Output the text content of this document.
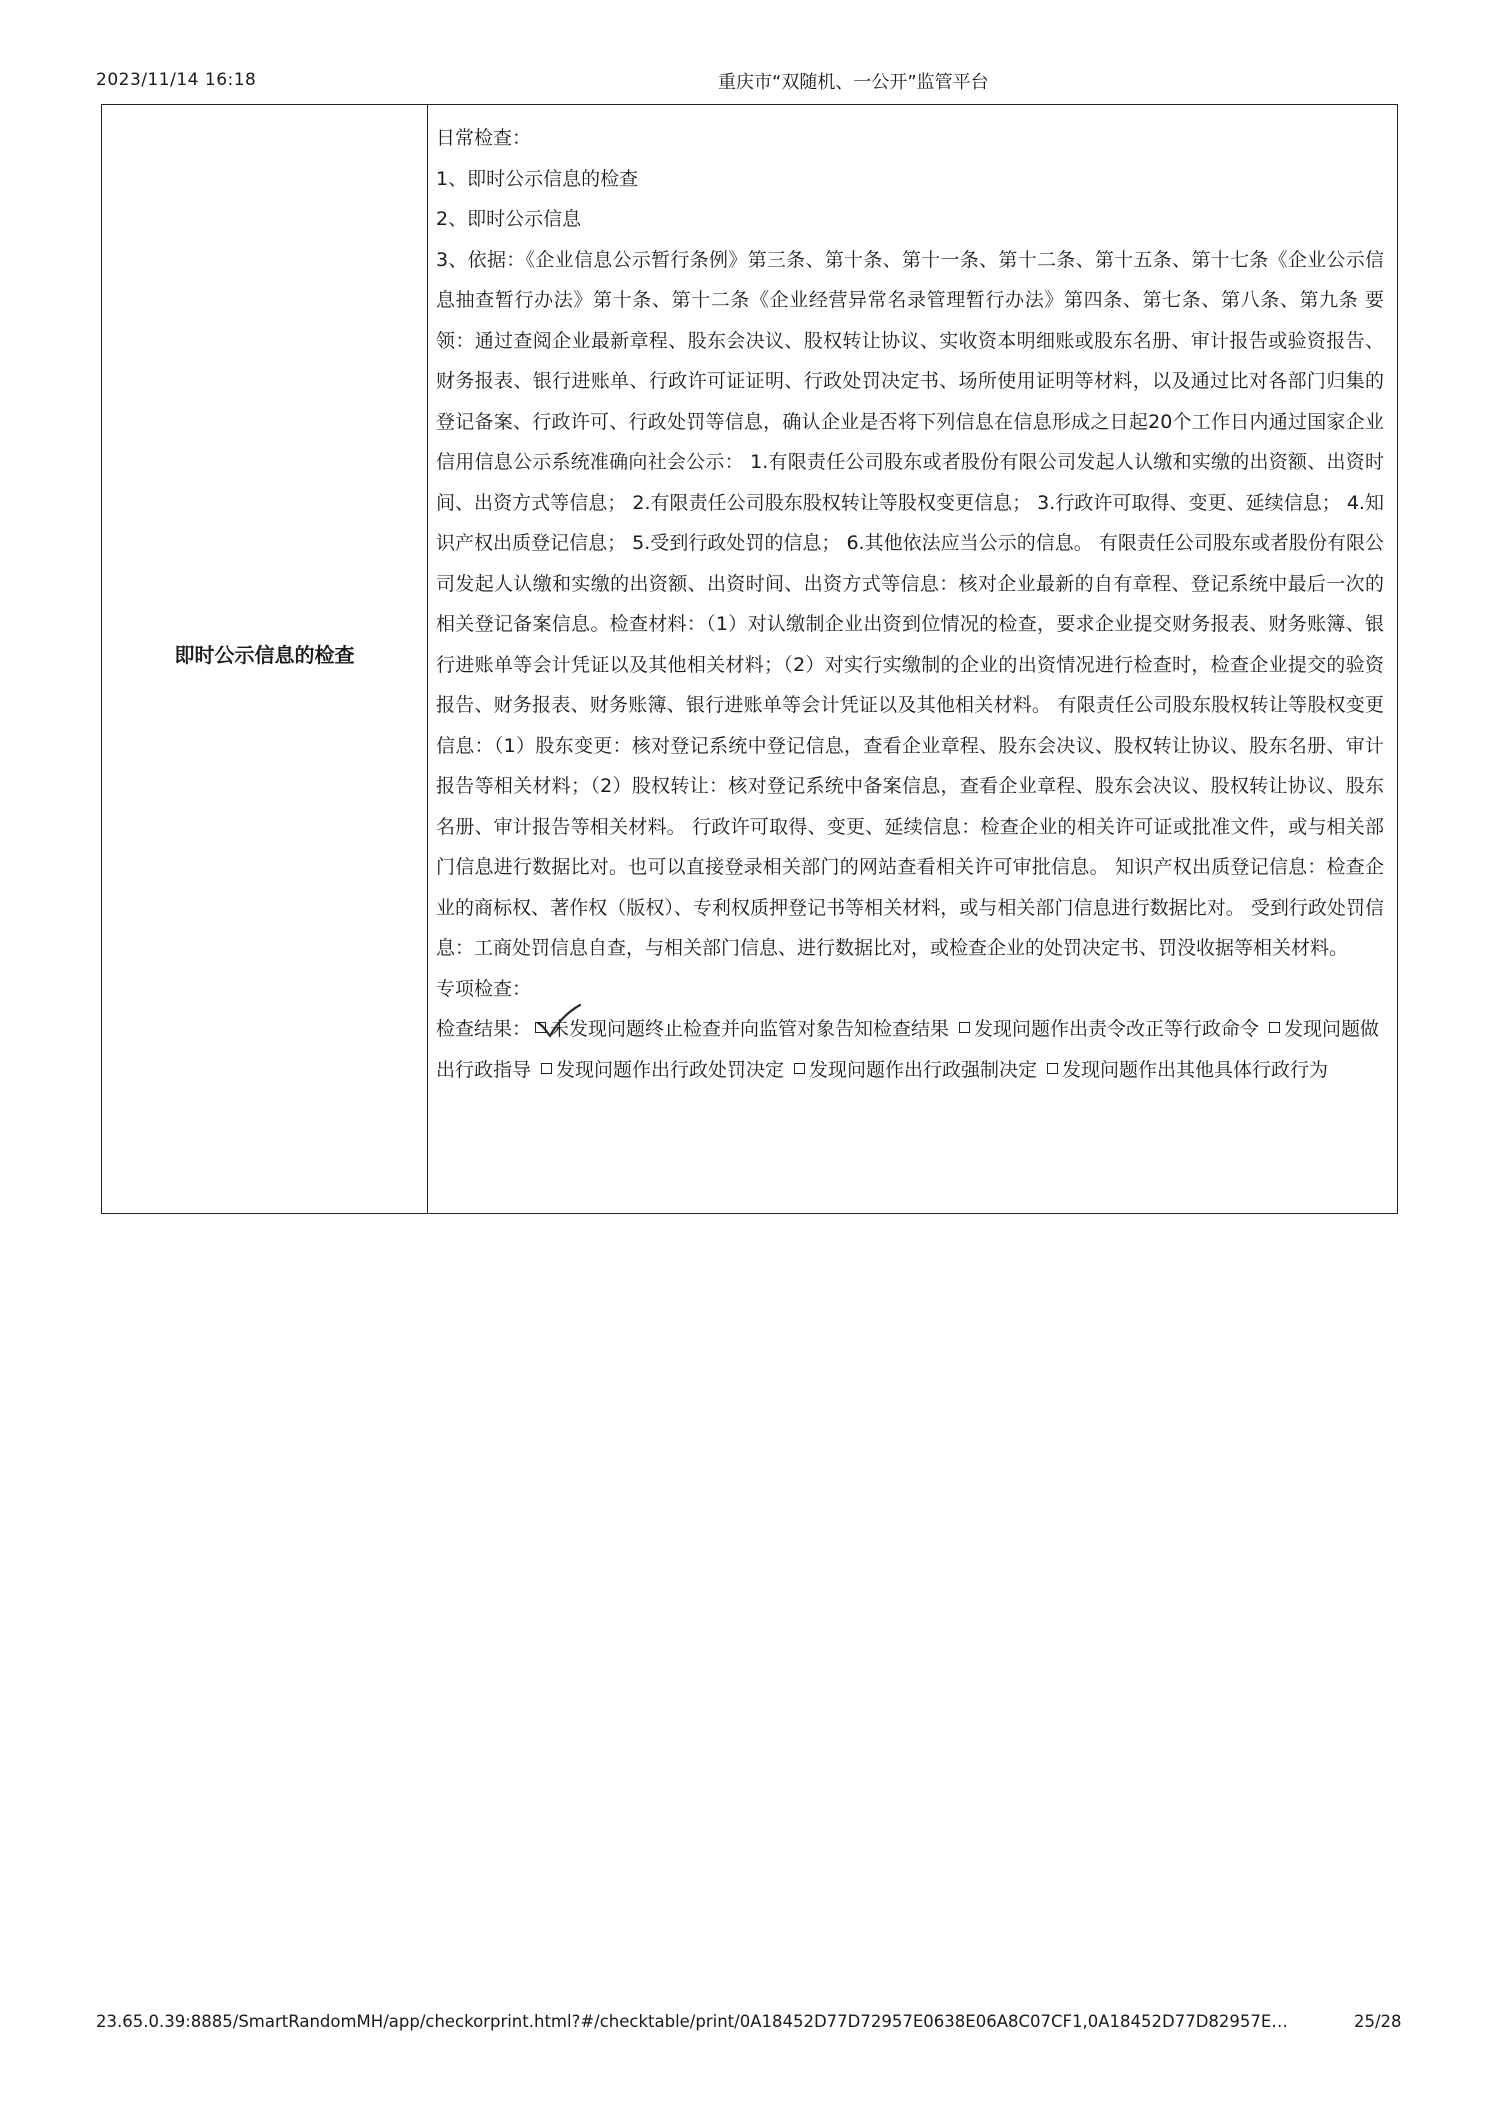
2023/11/14 16:18	重庆市“双随机、一公开”监管平台
即时公示信息的检查

日常检查：

1、即时公示信息的检查

2、即时公示信息

3、依据：《企业信息公示暂行条例》第三条、第十条、第十一条、第十二条、第十五条、第十七条《企业公示信息抽查暂行办法》第十条、第十二条《企业经营异常名录管理暂行办法》第四条、第七条、第八条、第九条 要领：通过查阅企业最新章程、股东会决议、股权转让协议、实收资本明细账或股东名册、审计报告或验资报告、财务报表、银行进账单、行政许可证证明、行政处罚决定书、场所使用证明等材料，以及通过比对各部门归集的登记备案、行政许可、行政处罚等信息，确认企业是否将下列信息在信息形成之日起20个工作日内通过国家企业信用信息公示系统准确向社会公示： 1.有限责任公司股东或者股份有限公司发起人认缴和实缴的出资额、出资时间、出资方式等信息； 2.有限责任公司股东股权转让等股权变更信息； 3.行政许可取得、变更、延续信息； 4.知识产权出质登记信息； 5.受到行政处罚的信息； 6.其他依法应当公示的信息。 有限责任公司股东或者股份有限公司发起人认缴和实缴的出资额、出资时间、出资方式等信息：核对企业最新的自有章程、登记系统中最后一次的相关登记备案信息。检查材料：（1）对认缴制企业出资到位情况的检查，要求企业提交财务报表、财务账簿、银行进账单等会计凭证以及其他相关材料；（2）对实行实缴制的企业的出资情况进行检查时，检查企业提交的验资报告、财务报表、财务账簿、银行进账单等会计凭证以及其他相关材料。 有限责任公司股东股权转让等股权变更信息：（1）股东变更：核对登记系统中登记信息，查看企业章程、股东会决议、股权转让协议、股东名册、审计报告等相关材料；（2）股权转让：核对登记系统中备案信息，查看企业章程、股东会决议、股权转让协议、股东名册、审计报告等相关材料。 行政许可取得、变更、延续信息：检查企业的相关许可证或批准文件，或与相关部门信息进行数据比对。也可以直接登录相关部门的网站查看相关许可审批信息。 知识产权出质登记信息：检查企业的商标权、著作权（版权）、专利权质押登记书等相关材料，或与相关部门信息进行数据比对。 受到行政处罚信息：工商处罚信息自查，与相关部门信息、进行数据比对，或检查企业的处罚决定书、罚没收据等相关材料。

专项检查：

检查结果： 未发现问题终止检查并向监管对象告知检查结果 发现问题作出责令改正等行政命令 发现问题做出行政指导 发现问题作出行政处罚决定 发现问题作出行政强制决定 发现问题作出其他具体行政行为

23.65.0.39:8885/SmartRandomMH/app/checkorprint.html?#/checktable/print/0A18452D77D72957E0638E06A8C07CF1,0A18452D77D82957E…	25/28
